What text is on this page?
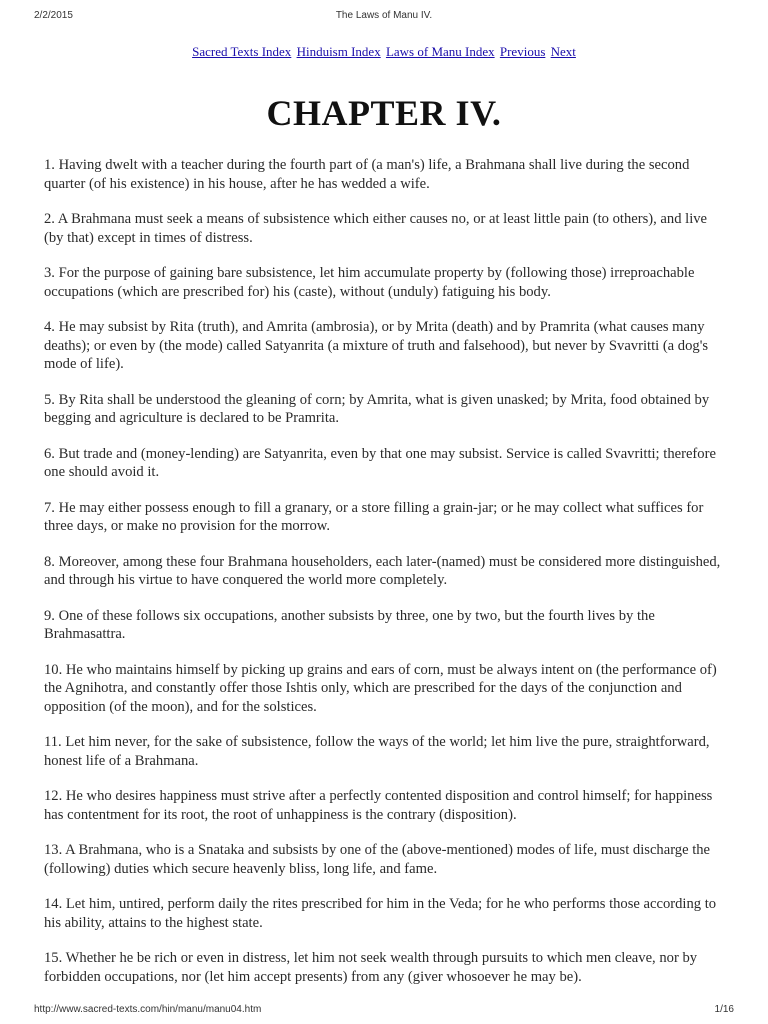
2/2/2015	The Laws of Manu IV.
Sacred Texts Index Hinduism Index Laws of Manu Index Previous Next
CHAPTER IV.

1. Having dwelt with a teacher during the fourth part of (a man's) life, a Brahmana shall live during the second quarter (of his existence) in his house, after he has wedded a wife.

2. A Brahmana must seek a means of subsistence which either causes no, or at least little pain (to others), and live (by that) except in times of distress.

3. For the purpose of gaining bare subsistence, let him accumulate property by (following those) irreproachable occupations (which are prescribed for) his (caste), without (unduly) fatiguing his body.

4. He may subsist by Rita (truth), and Amrita (ambrosia), or by Mrita (death) and by Pramrita (what causes many deaths); or even by (the mode) called Satyanrita (a mixture of truth and falsehood), but never by Svavritti (a dog's mode of life).

5. By Rita shall be understood the gleaning of corn; by Amrita, what is given unasked; by Mrita, food obtained by begging and agriculture is declared to be Pramrita.

6. But trade and (money-lending) are Satyanrita, even by that one may subsist. Service is called Svavritti; therefore one should avoid it.

7. He may either possess enough to fill a granary, or a store filling a grain-jar; or he may collect what suffices for three days, or make no provision for the morrow.

8. Moreover, among these four Brahmana householders, each later-(named) must be considered more distinguished, and through his virtue to have conquered the world more completely.

9. One of these follows six occupations, another subsists by three, one by two, but the fourth lives by the Brahmasattra.

10. He who maintains himself by picking up grains and ears of corn, must be always intent on (the performance of) the Agnihotra, and constantly offer those Ishtis only, which are prescribed for the days of the conjunction and opposition (of the moon), and for the solstices.

11. Let him never, for the sake of subsistence, follow the ways of the world; let him live the pure, straightforward, honest life of a Brahmana.

12. He who desires happiness must strive after a perfectly contented disposition and control himself; for happiness has contentment for its root, the root of unhappiness is the contrary (disposition).

13. A Brahmana, who is a Snataka and subsists by one of the (above-mentioned) modes of life, must discharge the (following) duties which secure heavenly bliss, long life, and fame.

14. Let him, untired, perform daily the rites prescribed for him in the Veda; for he who performs those according to his ability, attains to the highest state.

15. Whether he be rich or even in distress, let him not seek wealth through pursuits to which men cleave, nor by forbidden occupations, nor (let him accept presents) from any (giver whosoever he may be).

http://www.sacred-texts.com/hin/manu/manu04.htm	1/16
